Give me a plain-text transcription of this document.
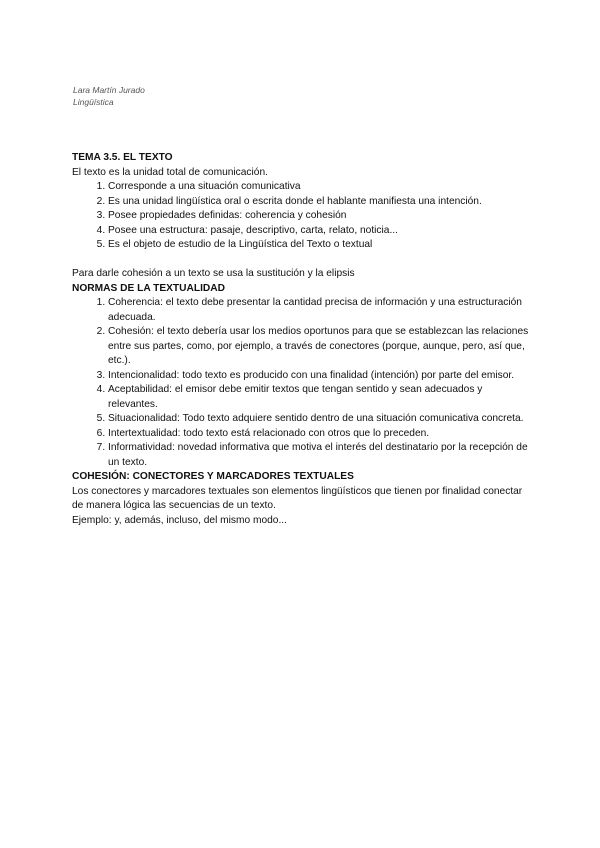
Lara Martín Jurado
Lingüística
TEMA 3.5. EL TEXTO

El texto es la unidad total de comunicación.

1. Corresponde a una situación comunicativa
2. Es una unidad lingüística oral o escrita donde el hablante manifiesta una intención.
3. Posee propiedades definidas: coherencia y cohesión
4. Posee una estructura: pasaje, descriptivo, carta, relato, noticia...
5. Es el objeto de estudio de la Lingüística del Texto o textual

Para darle cohesión a un texto se usa la sustitución y la elipsis

NORMAS DE LA TEXTUALIDAD
1. Coherencia: el texto debe presentar la cantidad precisa de información y una estructuración adecuada.
2. Cohesión: el texto debería usar los medios oportunos para que se establezcan las relaciones entre sus partes, como, por ejemplo, a través de conectores (porque, aunque, pero, así que, etc.).
3. Intencionalidad: todo texto es producido con una finalidad (intención) por parte del emisor.
4. Aceptabilidad: el emisor debe emitir textos que tengan sentido y sean adecuados y relevantes.
5. Situacionalidad: Todo texto adquiere sentido dentro de una situación comunicativa concreta.
6. Intertextualidad: todo texto está relacionado con otros que lo preceden.
7. Informatividad: novedad informativa que motiva el interés del destinatario por la recepción de un texto.
COHESIÓN: CONECTORES Y MARCADORES TEXTUALES

Los conectores y marcadores textuales son elementos lingüísticos que tienen por finalidad conectar de manera lógica las secuencias de un texto.

Ejemplo: y, además, incluso, del mismo modo...
